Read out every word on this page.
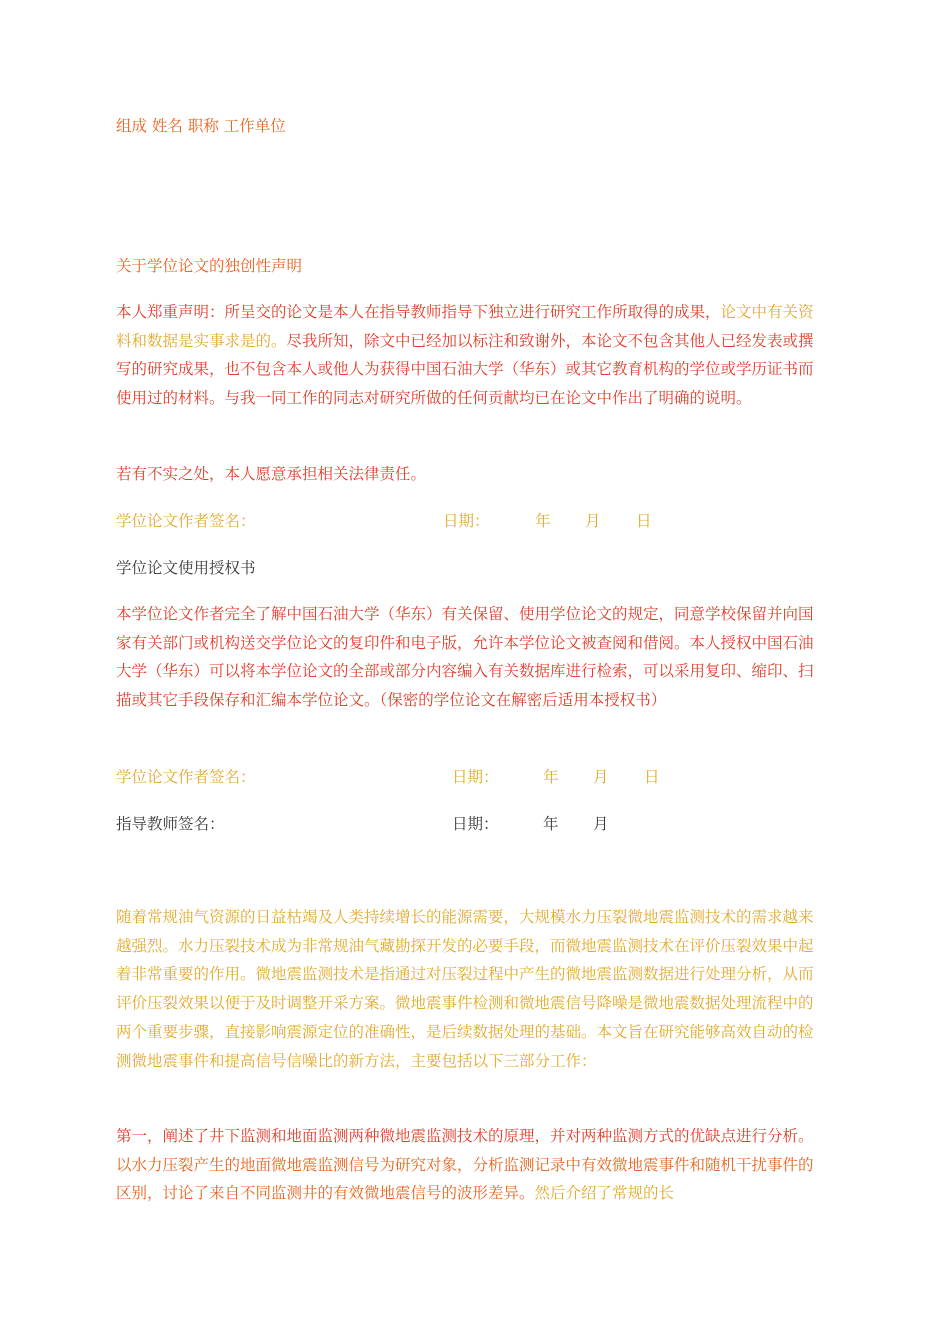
组成 姓名 职称 工作单位
关于学位论文的独创性声明
本人郑重声明：所呈交的论文是本人在指导教师指导下独立进行研究工作所取得的成果，论文中有关资料和数据是实事求是的。尽我所知，除文中已经加以标注和致谢外，本论文不包含其他人已经发表或撰写的研究成果，也不包含本人或他人为获得中国石油大学（华东）或其它教育机构的学位或学历证书而使用过的材料。与我一同工作的同志对研究所做的任何贡献均已在论文中作出了明确的说明。
若有不实之处，本人愿意承担相关法律责任。
学位论文作者签名：	日期：	年 月 日
学位论文使用授权书
本学位论文作者完全了解中国石油大学（华东）有关保留、使用学位论文的规定，同意学校保留并向国家有关部门或机构送交学位论文的复印件和电子版，允许本学位论文被查阅和借阅。本人授权中国石油大学（华东）可以将本学位论文的全部或部分内容编入有关数据库进行检索，可以采用复印、缩印、扫描或其它手段保存和汇编本学位论文。（保密的学位论文在解密后适用本授权书）
学位论文作者签名：	日期：	年 月 日
指导教师签名：	日期：	年 月
随着常规油气资源的日益枯竭及人类持续增长的能源需要，大规模水力压裂微地震监测技术的需求越来越强烈。水力压裂技术成为非常规油气藏勘探开发的必要手段，而微地震监测技术在评价压裂效果中起着非常重要的作用。微地震监测技术是指通过对压裂过程中产生的微地震监测数据进行处理分析，从而评价压裂效果以便于及时调整开采方案。微地震事件检测和微地震信号降噪是微地震数据处理流程中的两个重要步骤，直接影响震源定位的准确性，是后续数据处理的基础。本文旨在研究能够高效自动的检测微地震事件和提高信号信噪比的新方法，主要包括以下三部分工作：
第一，阐述了井下监测和地面监测两种微地震监测技术的原理，并对两种监测方式的优缺点进行分析。以水力压裂产生的地面微地震监测信号为研究对象，分析监测记录中有效微地震事件和随机干扰事件的区别，讨论了来自不同监测井的有效微地震信号的波形差异。然后介绍了常规的长
